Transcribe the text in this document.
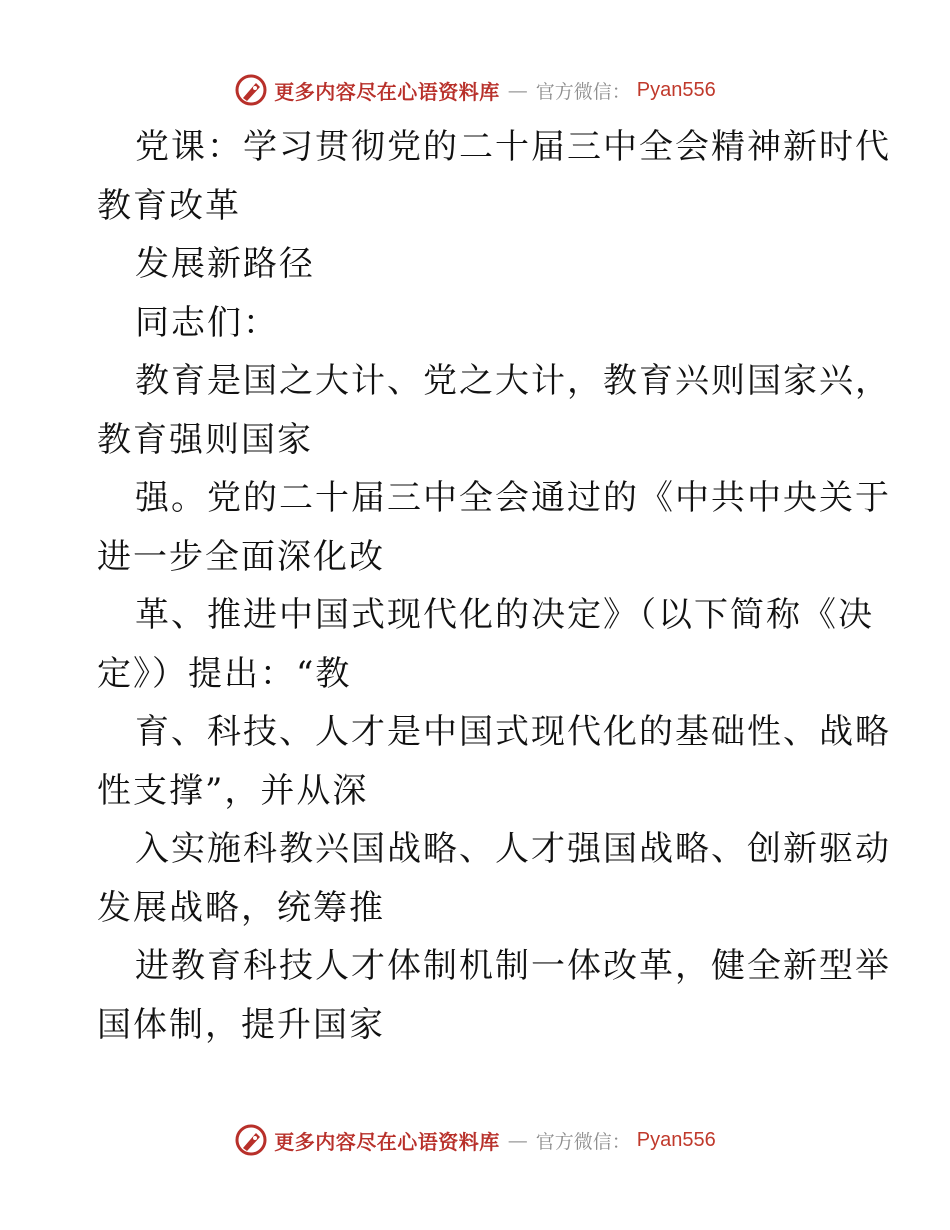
更多内容尽在心语资料库 — 官方微信： Pyan556
党课：学习贯彻党的二十届三中全会精神新时代
教育改革
发展新路径
同志们：
教育是国之大计、党之大计，教育兴则国家兴，
教育强则国家
强。党的二十届三中全会通过的《中共中央关于
进一步全面深化改
革、推进中国式现代化的决定》（以下简称《决
定》）提出：“教
育、科技、人才是中国式现代化的基础性、战略
性支撑”，并从深
入实施科教兴国战略、人才强国战略、创新驱动
发展战略，统筹推
进教育科技人才体制机制一体改革，健全新型举
国体制，提升国家
更多内容尽在心语资料库 — 官方微信： Pyan556
